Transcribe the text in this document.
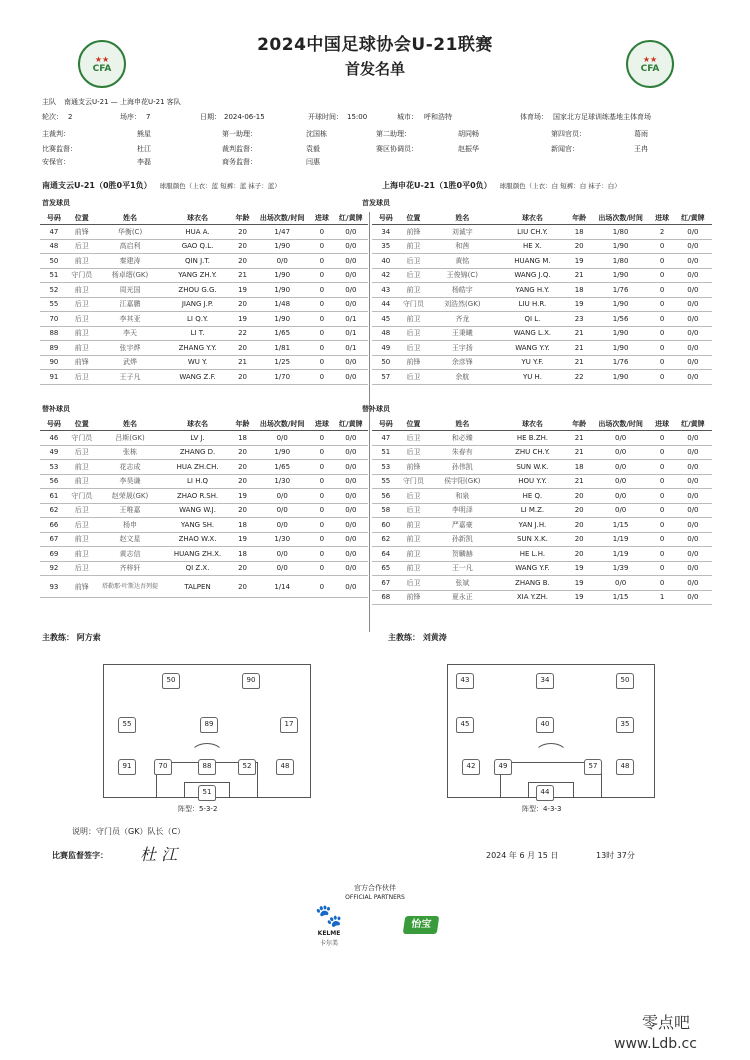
★★
CFA
★★
CFA
2024中国足球协会U-21联赛
首发名单
主队 南通支云U-21 — 上海申花U-21 客队
轮次： 2	场序： 7	日期： 2024-06-15	开球时间： 15:00	城市： 呼和浩特	体育场： 国家北方足球训练基地主体育场
主裁判：	熊星	第一助理：	沈国栋	第二助理：	胡同畅	第四官员：	葛雨
比赛监督：	杜江	裁判监督：	袁毅	赛区协调员：	赵振华	新闻官：	王冉
安保官：	李磊	商务监督：	闫惠
南通支云U-21（0胜0平1负） 球服颜色（上衣：蓝 短裤：蓝 袜子：蓝）	上海申花U-21（1胜0平0负） 球服颜色（上衣：白 短裤：白 袜子：白）
首发球员	首发球员
号码	位置	姓名	球衣名	年龄	出场次数/时间	进球	红/黄牌
47	前锋	华衡(C)	HUA A.	20	1/47	0	0/0
48	后卫	高启利	GAO Q.L.	20	1/90	0	0/0
50	前卫	秦建涛	QIN J.T.	20	0/0	0	0/0
51	守门员	杨卓缙(GK)	YANG ZH.Y.	21	1/90	0	0/0
52	前卫	周光国	ZHOU G.G.	19	1/90	0	0/0
55	后卫	江嘉鹏	JIANG J.P.	20	1/48	0	0/0
70	后卫	李其亚	LI Q.Y.	19	1/90	0	0/1
88	前卫	李天	LI T.	22	1/65	0	0/1
89	前卫	张宇烨	ZHANG Y.Y.	20	1/81	0	0/1
90	前锋	武烨	WU Y.	21	1/25	0	0/0
91	后卫	王子凡	WANG Z.F.	20	1/70	0	0/0
号码	位置	姓名	球衣名	年龄	出场次数/时间	进球	红/黄牌
34	前锋	刘诚宇	LIU CH.Y.	18	1/80	2	0/0
35	前卫	和茜	HE X.	20	1/90	0	0/0
40	后卫	黄铭	HUANG M.	19	1/80	0	0/0
42	后卫	王俊锦(C)	WANG J.Q.	21	1/90	0	0/0
43	前卫	杨皓宇	YANG H.Y.	18	1/76	0	0/0
44	守门员	刘浩然(GK)	LIU H.R.	19	1/90	0	0/0
45	前卫	齐龙	QI L.	23	1/56	0	0/0
48	后卫	王秉曦	WANG L.X.	21	1/90	0	0/0
49	后卫	王宇扬	WANG Y.Y.	21	1/90	0	0/0
50	前锋	余彦锋	YU Y.F.	21	1/76	0	0/0
57	后卫	余航	YU H.	22	1/90	0	0/0
替补球员	替补球员
号码	位置	姓名	球衣名	年龄	出场次数/时间	进球	红/黄牌
46	守门员	吕斯(GK)	LV J.	18	0/0	0	0/0
49	后卫	张栋	ZHANG D.	20	1/90	0	0/0
53	前卫	花志成	HUA ZH.CH.	20	1/65	0	0/0
56	前卫	李昊谦	LI H.Q	20	1/30	0	0/0
61	守门员	赵荣晟(GK)	ZHAO R.SH.	19	0/0	0	0/0
62	后卫	王唯嘉	WANG W.J.	20	0/0	0	0/0
66	后卫	杨申	YANG SH.	18	0/0	0	0/0
67	前卫	赵文星	ZHAO W.X.	19	1/30	0	0/0
69	前卫	黄志信	HUANG ZH.X.	18	0/0	0	0/0
92	后卫	齐梓轩	QI Z.X.	20	0/0	0	0/0
93	前锋	塔勒那·叶斯达吾列提	TALPEN	20	1/14	0	0/0
号码	位置	姓名	球衣名	年龄	出场次数/时间	进球	红/黄牌
47	后卫	和必臻	HE B.ZH.	21	0/0	0	0/0
51	后卫	朱春有	ZHU CH.Y.	21	0/0	0	0/0
53	前锋	孙伟凯	SUN W.K.	18	0/0	0	0/0
55	守门员	侯宇阳(GK)	HOU Y.Y.	21	0/0	0	0/0
56	后卫	和泉	HE Q.	20	0/0	0	0/0
58	后卫	李明泽	LI M.Z.	20	0/0	0	0/0
60	前卫	严嘉豪	YAN J.H.	20	1/15	0	0/0
62	前卫	孙新凯	SUN X.K.	20	1/19	0	0/0
64	前卫	贺麟赫	HE L.H.	20	1/19	0	0/0
65	前卫	王一凡	WANG Y.F.	19	1/39	0	0/0
67	后卫	张斌	ZHANG B.	19	0/0	0	0/0
68	前锋	夏永正	XIA Y.ZH.	19	1/15	1	0/0
主教练： 阿方索	主教练： 刘黄涛
50	90
55	89	17
91	70	88	52	48
51
43	34	50
45	40	35
42	49	57	48
44
阵型：5-3-2	阵型：4-3-3
说明：守门员（GK）队长（C）
比赛监督签字： 杜 江	2024 年 6 月 15 日	13时 37分
官方合作伙伴
OFFICIAL PARTNERS
🐾
KELME
卡尔美
怡宝
零点吧
www.Ldb.cc
